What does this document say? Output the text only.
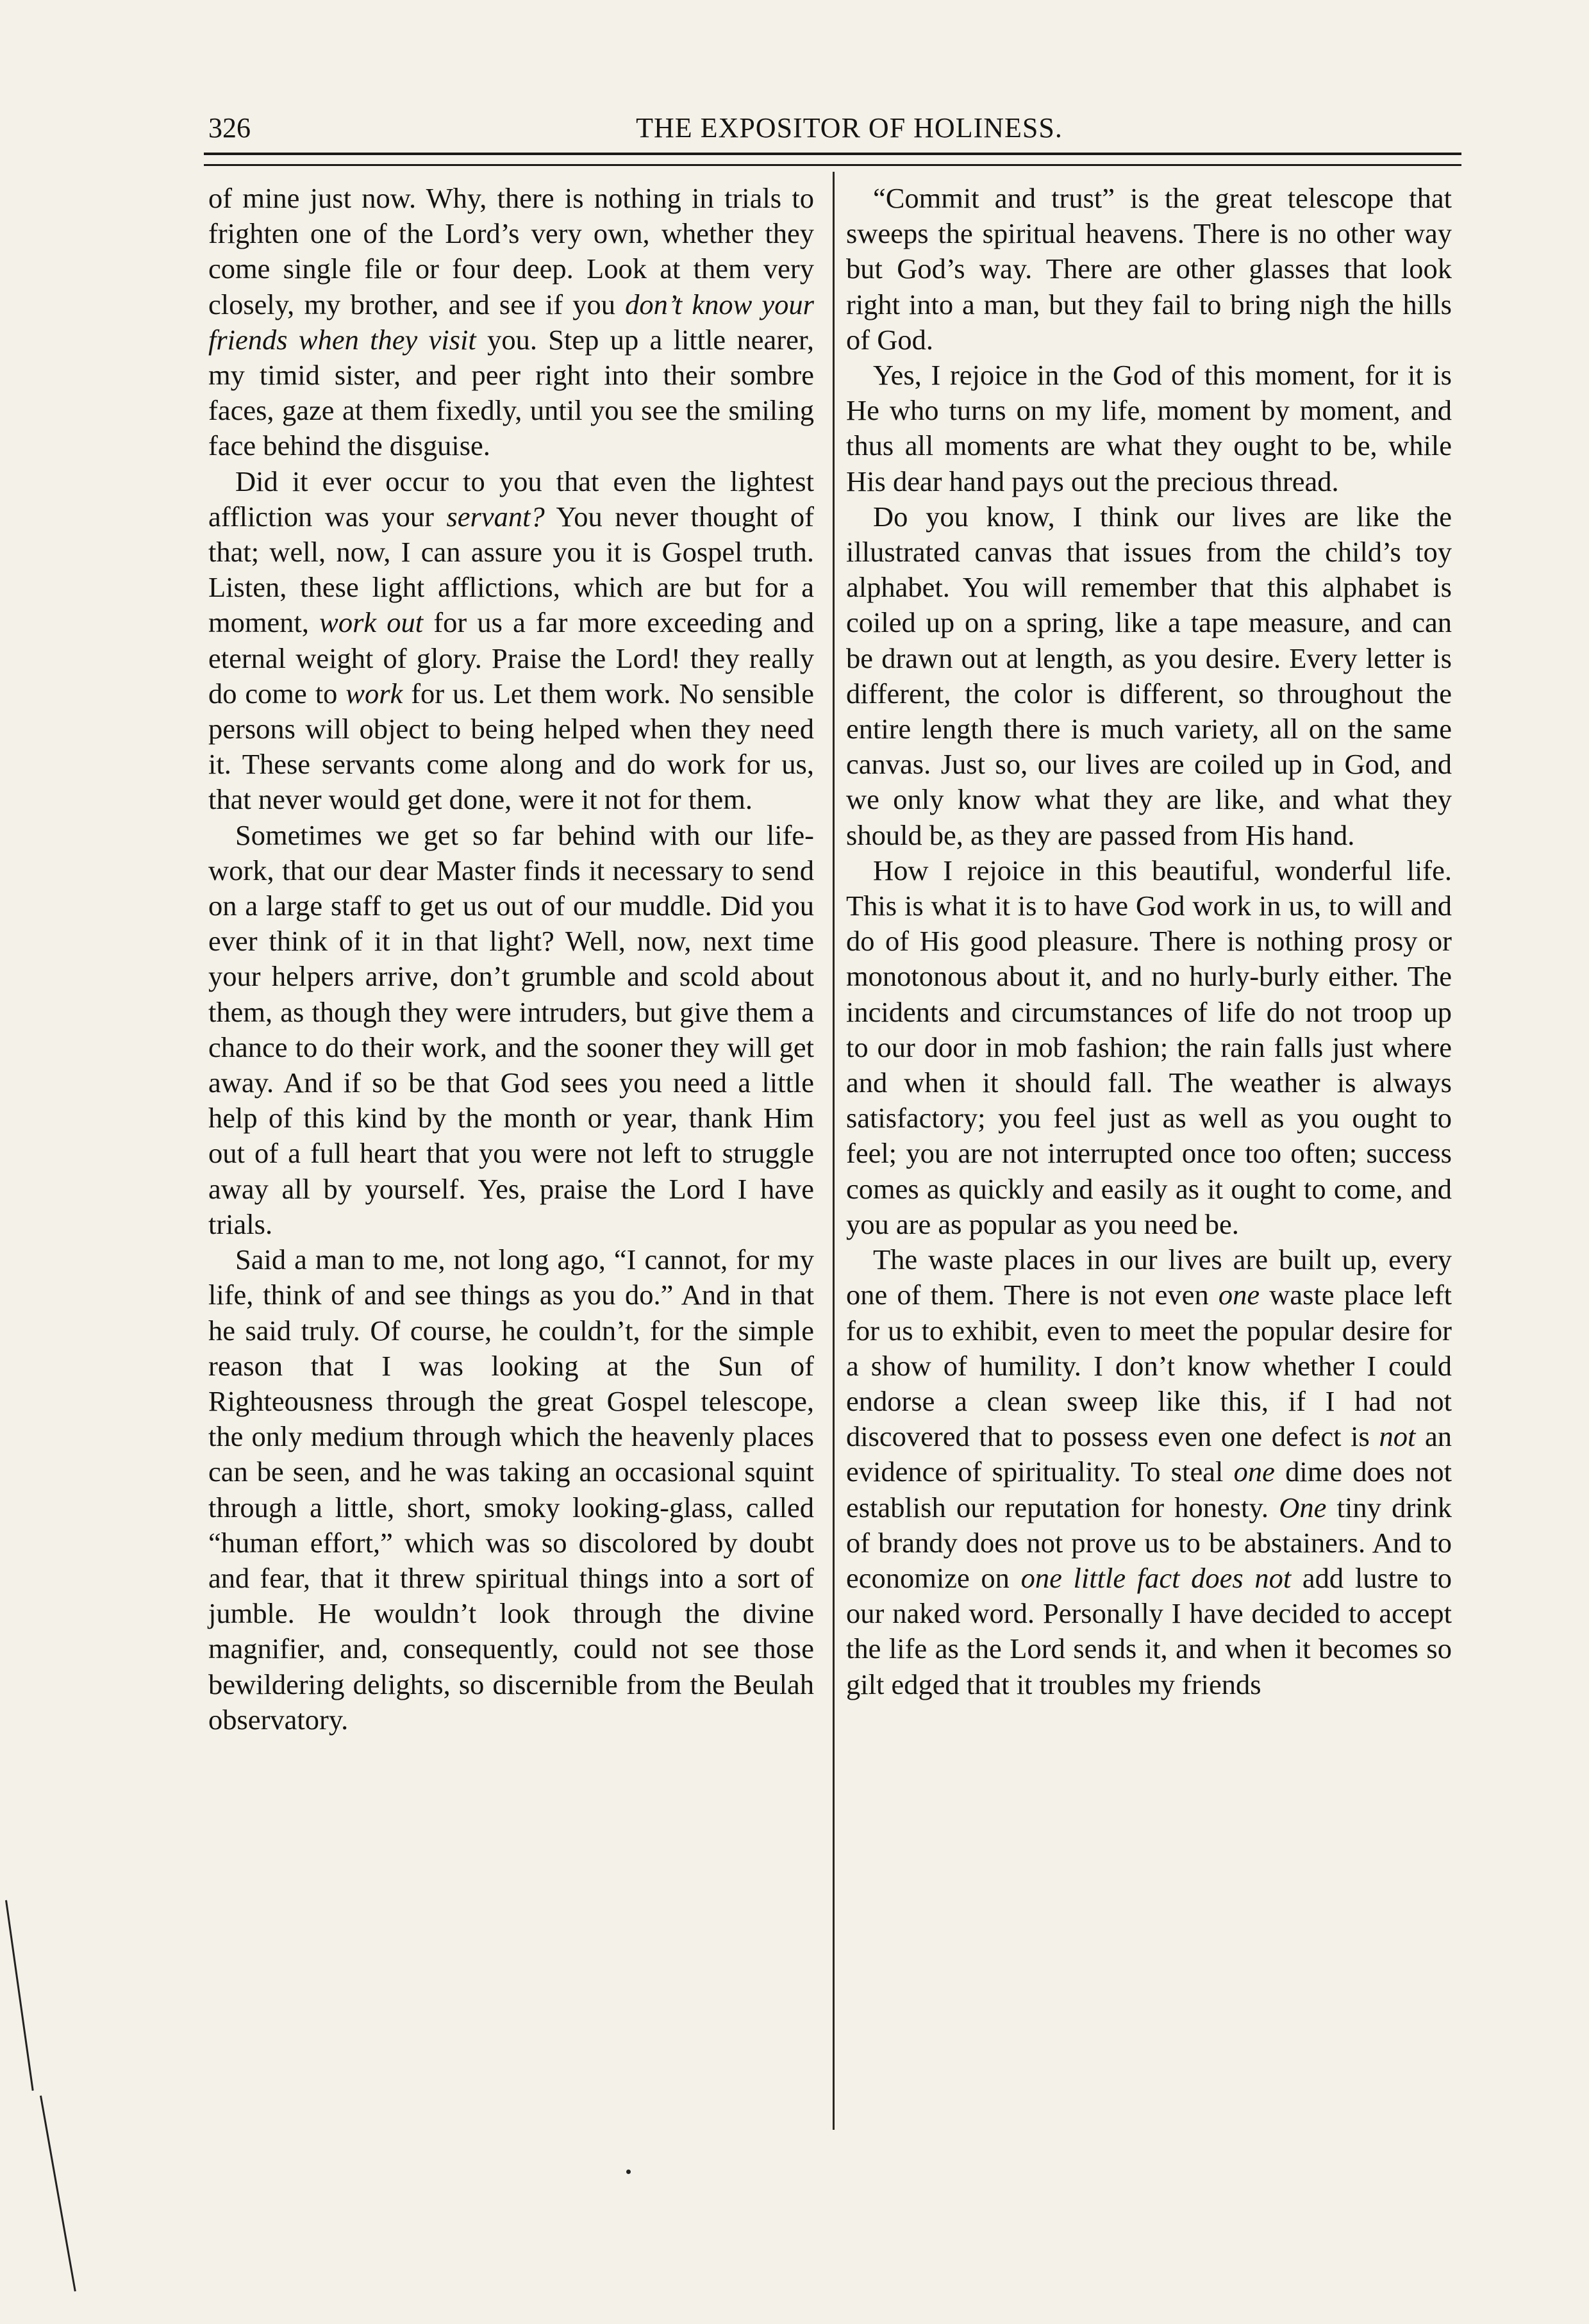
326	THE EXPOSITOR OF HOLINESS.

of mine just now. Why, there is nothing in trials to frighten one of the Lord’s very own, whether they come single file or four deep. Look at them very closely, my brother, and see if you don’t know your friends when they visit you. Step up a little nearer, my timid sister, and peer right into their sombre faces, gaze at them fixedly, until you see the smiling face behind the disguise.

Did it ever occur to you that even the lightest affliction was your servant? You never thought of that; well, now, I can assure you it is Gospel truth. Listen, these light afflictions, which are but for a moment, work out for us a far more exceeding and eternal weight of glory. Praise the Lord! they really do come to work for us. Let them work. No sensible persons will object to being helped when they need it. These servants come along and do work for us, that never would get done, were it not for them.

Sometimes we get so far behind with our life-work, that our dear Master finds it necessary to send on a large staff to get us out of our muddle. Did you ever think of it in that light? Well, now, next time your helpers arrive, don’t grumble and scold about them, as though they were intruders, but give them a chance to do their work, and the sooner they will get away. And if so be that God sees you need a little help of this kind by the month or year, thank Him out of a full heart that you were not left to struggle away all by yourself. Yes, praise the Lord I have trials.

Said a man to me, not long ago, “I cannot, for my life, think of and see things as you do.” And in that he said truly. Of course, he couldn’t, for the simple reason that I was looking at the Sun of Righteousness through the great Gospel telescope, the only medium through which the heavenly places can be seen, and he was taking an occasional squint through a little, short, smoky looking-glass, called “human effort,” which was so discolored by doubt and fear, that it threw spiritual things into a sort of jumble. He wouldn’t look through the divine magnifier, and, consequently, could not see those bewildering delights, so discernible from the Beulah observatory.

“Commit and trust” is the great telescope that sweeps the spiritual heavens. There is no other way but God’s way. There are other glasses that look right into a man, but they fail to bring nigh the hills of God.

Yes, I rejoice in the God of this moment, for it is He who turns on my life, moment by moment, and thus all moments are what they ought to be, while His dear hand pays out the precious thread.

Do you know, I think our lives are like the illustrated canvas that issues from the child’s toy alphabet. You will remember that this alphabet is coiled up on a spring, like a tape measure, and can be drawn out at length, as you desire. Every letter is different, the color is different, so throughout the entire length there is much variety, all on the same canvas. Just so, our lives are coiled up in God, and we only know what they are like, and what they should be, as they are passed from His hand.

How I rejoice in this beautiful, wonderful life. This is what it is to have God work in us, to will and do of His good pleasure. There is nothing prosy or monotonous about it, and no hurly-burly either. The incidents and circumstances of life do not troop up to our door in mob fashion; the rain falls just where and when it should fall. The weather is always satisfactory; you feel just as well as you ought to feel; you are not interrupted once too often; success comes as quickly and easily as it ought to come, and you are as popular as you need be.

The waste places in our lives are built up, every one of them. There is not even one waste place left for us to exhibit, even to meet the popular desire for a show of humility. I don’t know whether I could endorse a clean sweep like this, if I had not discovered that to possess even one defect is not an evidence of spirituality. To steal one dime does not establish our reputation for honesty. One tiny drink of brandy does not prove us to be abstainers. And to economize on one little fact does not add lustre to our naked word. Personally I have decided to accept the life as the Lord sends it, and when it becomes so gilt edged that it troubles my friends
